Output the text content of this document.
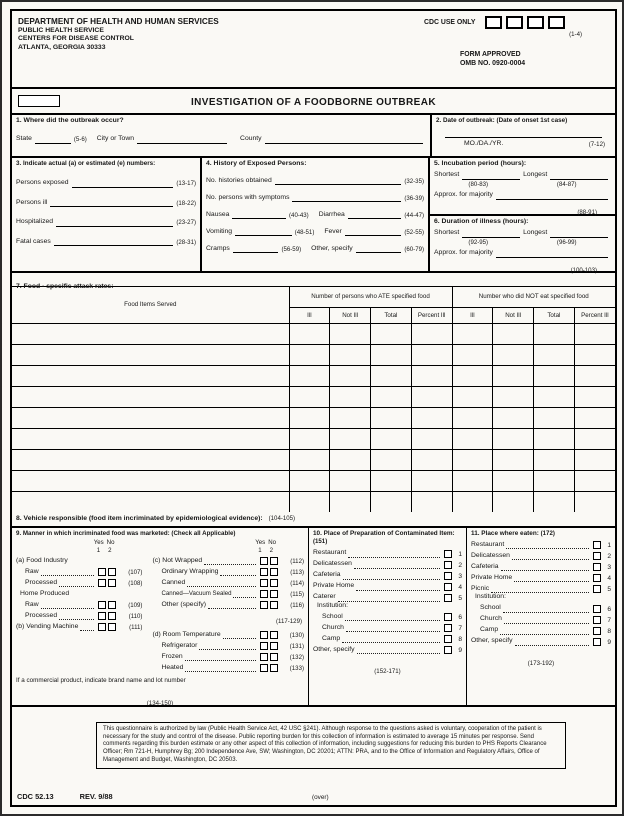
DEPARTMENT OF HEALTH AND HUMAN SERVICES
PUBLIC HEALTH SERVICE
CENTERS FOR DISEASE CONTROL
ATLANTA, GEORGIA 30333
CDC USE ONLY
(1-4)
FORM APPROVED
OMB NO. 0920-0004
INVESTIGATION OF A FOODBORNE OUTBREAK
1. Where did the outbreak occur?
State	(5-6) City or Town	County
2. Date of outbreak: (Date of onset 1st case)
MO./DA./YR.	(7-12)
3. Indicate actual (a) or estimated (e) numbers:
Persons exposed	(13-17)
Persons ill	(18-22)
Hospitalized	(23-27)
Fatal cases	(28-31)
4. History of Exposed Persons:
No. histories obtained	(32-35)
No. persons with symptoms	(36-39)
Nausea	(40-43) Diarrhea	(44-47)
Vomiting	(48-51) Fever	(52-55)
Cramps	(56-59) Other, specify	(60-79)
5. Incubation period (hours):
Shortest	Longest
(80-83)	(84-87)
Approx. for majority
(88-91)
6. Duration of illness (hours):
Shortest	Longest
(92-95)	(96-99)
Approx. for majority
(100-103)
7. Food - specific attack rates:
Food Items Served	Number of persons who ATE specified food				Number who did NOT eat specified food			
	Ill	Not Ill	Total	Percent Ill	Ill	Not Ill	Total	Percent Ill

8. Vehicle responsible (food item incriminated by epidemiological evidence): (104-105)
9. Manner in which incriminated food was marketed: (Check all Applicable)
Yes No
1 2
(a) Food Industry
Raw	(107)
Processed	(108)
Home Produced
Raw	(109)
Processed	(110)
(b) Vending Machine	(111)
Yes No
1 2
(c) Not Wrapped	(112)
Ordinary Wrapping	(113)
Canned	(114)
Canned—Vacuum Sealed	(115)
Other (specify)	(116)
(117-129)
(d) Room Temperature	(130)
Refrigerator	(131)
Frozen	(132)
Heated	(133)
If a commercial product, indicate brand name and lot number
(134-150)
10. Place of Preparation of Contaminated Item: (151)
Restaurant	1
Delicatessen	2
Cafeteria	3
Private Home	4
Caterer	5
Institution:
School	6
Church	7
Camp	8
Other, specify	9
(152-171)
11. Place where eaten: (172)
Restaurant	1
Delicatessen	2
Cafeteria	3
Private Home	4
Picnic	5
Institution:
School	6
Church	7
Camp	8
Other, specify	9
(173-192)
This questionnaire is authorized by law (Public Health Service Act, 42 USC §241). Although response to the questions asked is voluntary, cooperation of the patient is necessary for the study and control of the disease. Public reporting burden for this collection of information is estimated to average 15 minutes per response. Send comments regarding this burden estimate or any other aspect of this collection of information, including suggestions for reducing this burden to PHS Reports Clearance Officer; Rm 721-H, Humphrey Bg; 200 Independence Ave, SW; Washington, DC 20201; ATTN: PRA, and to the Office of Information and Regulatory Affairs, Office of Management and Budget, Washington, DC 20503.
CDC 52.13	REV. 9/88	(over)
